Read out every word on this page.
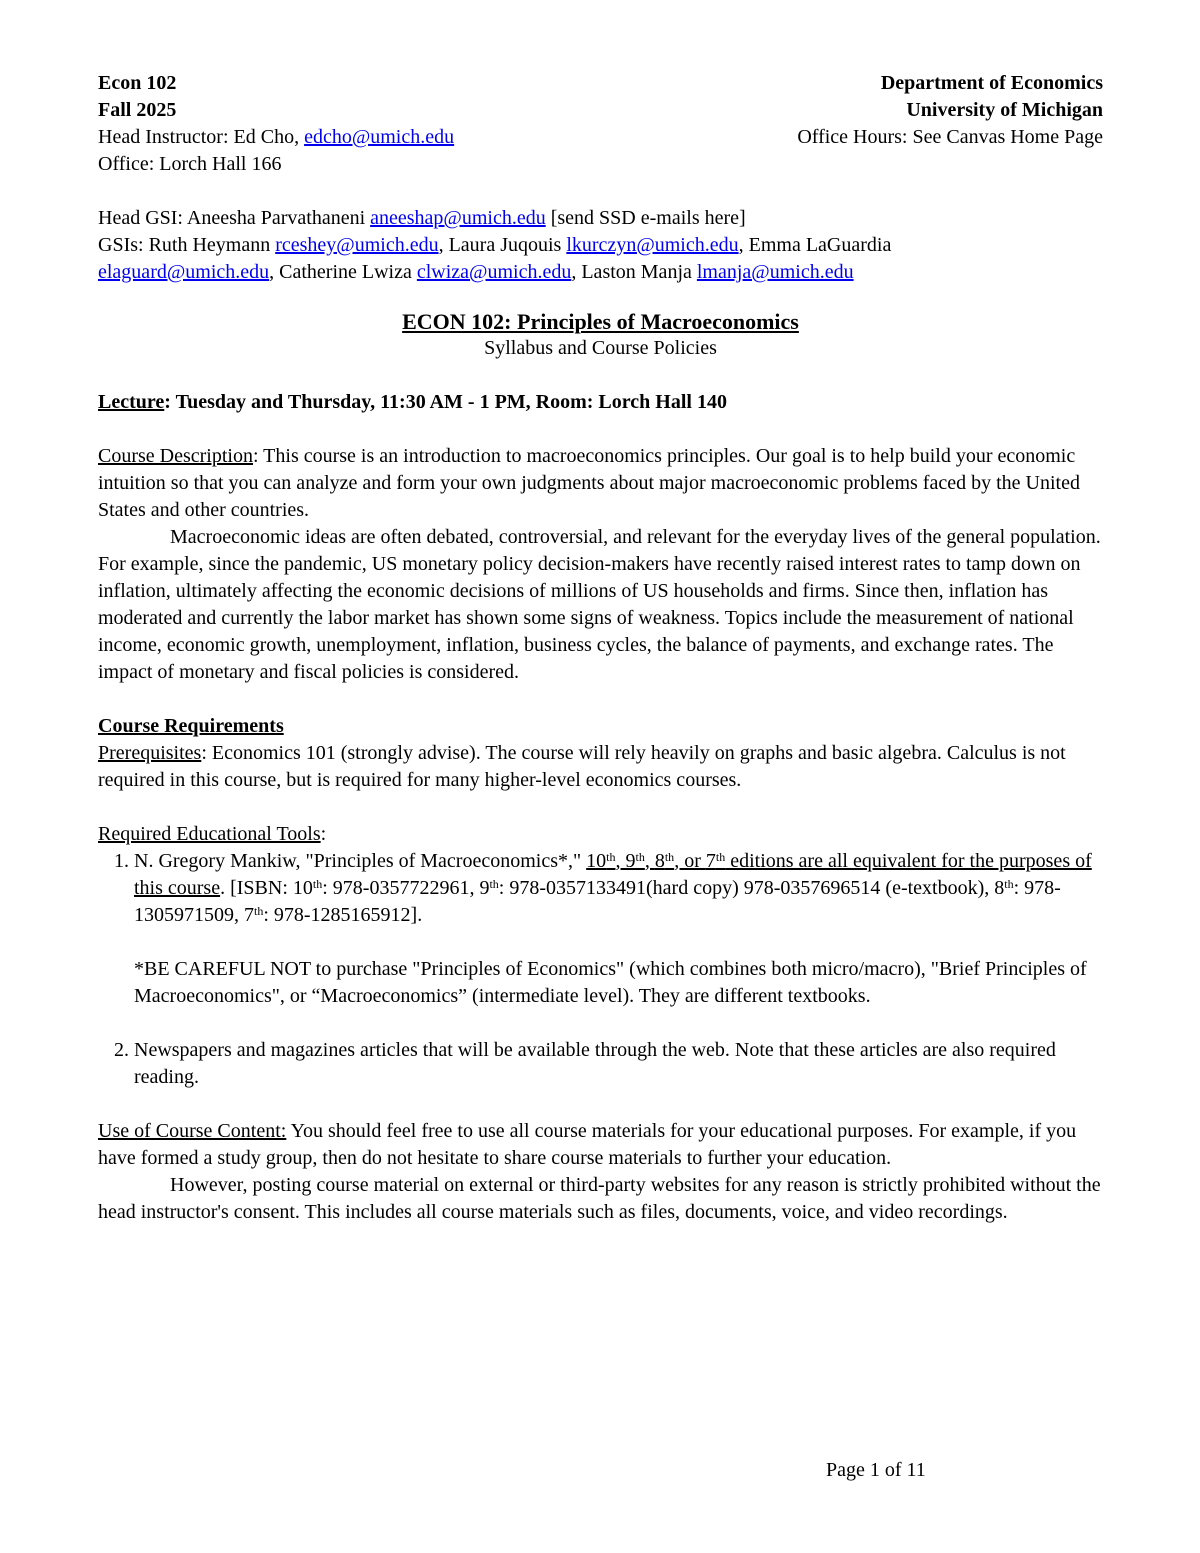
Econ 102	Department of Economics
Fall 2025	University of Michigan
Head Instructor: Ed Cho, edcho@umich.edu	Office Hours: See Canvas Home Page
Office: Lorch Hall 166
Head GSI: Aneesha Parvathaneni aneeshap@umich.edu [send SSD e-mails here]
GSIs: Ruth Heymann rceshey@umich.edu, Laura Juqouis lkurczyn@umich.edu, Emma LaGuardia
elaguard@umich.edu, Catherine Lwiza clwiza@umich.edu, Laston Manja lmanja@umich.edu
ECON 102: Principles of Macroeconomics
Syllabus and Course Policies
Lecture: Tuesday and Thursday, 11:30 AM - 1 PM, Room: Lorch Hall 140

Course Description: This course is an introduction to macroeconomics principles. Our goal is to help build your economic intuition so that you can analyze and form your own judgments about major macroeconomic problems faced by the United States and other countries.

Macroeconomic ideas are often debated, controversial, and relevant for the everyday lives of the general population. For example, since the pandemic, US monetary policy decision-makers have recently raised interest rates to tamp down on inflation, ultimately affecting the economic decisions of millions of US households and firms. Since then, inflation has moderated and currently the labor market has shown some signs of weakness. Topics include the measurement of national income, economic growth, unemployment, inflation, business cycles, the balance of payments, and exchange rates. The impact of monetary and fiscal policies is considered.

Course Requirements

Prerequisites: Economics 101 (strongly advise). The course will rely heavily on graphs and basic algebra. Calculus is not required in this course, but is required for many higher-level economics courses.

Required Educational Tools:
1. N. Gregory Mankiw, "Principles of Macroeconomics*," 10th, 9th, 8th, or 7th editions are all equivalent for the purposes of this course. [ISBN: 10th: 978-0357722961, 9th: 978-0357133491(hard copy) 978-0357696514 (e-textbook), 8th: 978-1305971509, 7th: 978-1285165912].
*BE CAREFUL NOT to purchase "Principles of Economics" (which combines both micro/macro), "Brief Principles of Macroeconomics", or “Macroeconomics” (intermediate level). They are different textbooks.
2. Newspapers and magazines articles that will be available through the web. Note that these articles are also required reading.

Use of Course Content: You should feel free to use all course materials for your educational purposes. For example, if you have formed a study group, then do not hesitate to share course materials to further your education.

However, posting course material on external or third-party websites for any reason is strictly prohibited without the head instructor's consent. This includes all course materials such as files, documents, voice, and video recordings.

Page 1 of 11
